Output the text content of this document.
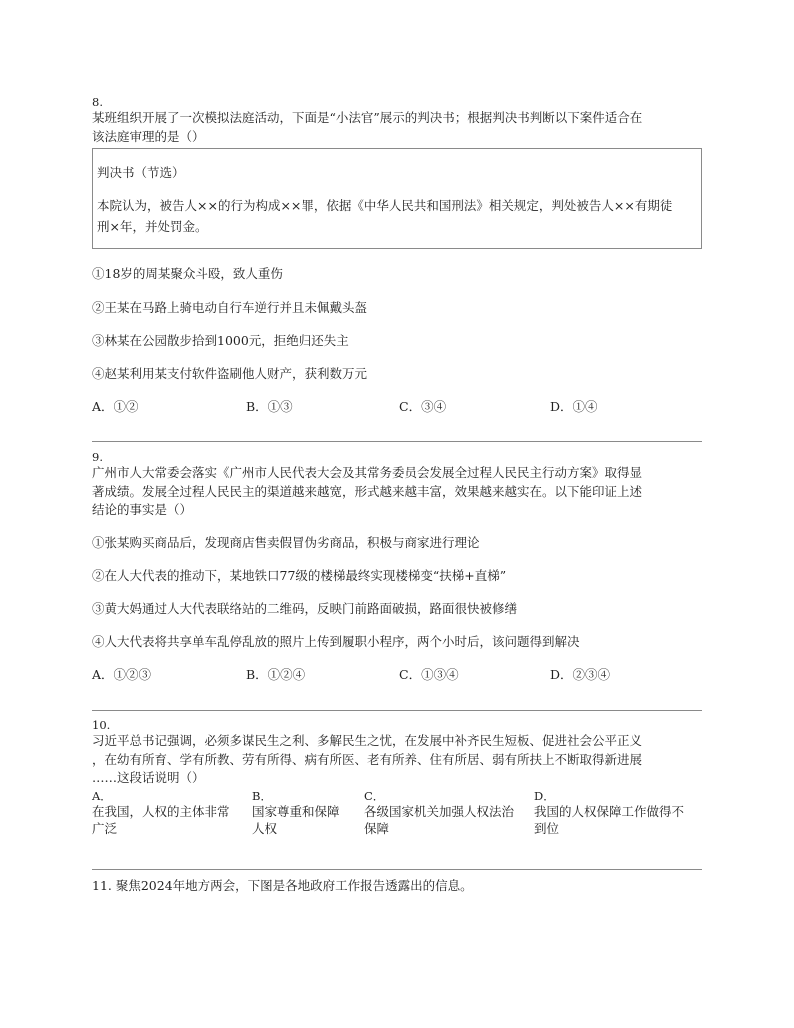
8.
某班组织开展了一次模拟法庭活动，下面是“小法官”展示的判决书；根据判决书判断以下案件适合在
该法庭审理的是（）
判决书（节选）
本院认为，被告人××的行为构成××罪，依据《中华人民共和国刑法》相关规定，判处被告人××有期徒
刑×年，并处罚金。
①18岁的周某聚众斗殴，致人重伤
②王某在马路上骑电动自行车逆行并且未佩戴头盔
③林某在公园散步拾到1000元，拒绝归还失主
④赵某利用某支付软件盗刷他人财产，获利数万元
A．①②	B．①③	C．③④	D．①④
9.
广州市人大常委会落实《广州市人民代表大会及其常务委员会发展全过程人民民主行动方案》取得显
著成绩。发展全过程人民民主的渠道越来越宽，形式越来越丰富，效果越来越实在。以下能印证上述
结论的事实是（）
①张某购买商品后，发现商店售卖假冒伪劣商品，积极与商家进行理论
②在人大代表的推动下，某地铁口77级的楼梯最终实现楼梯变“扶梯+直梯”
③黄大妈通过人大代表联络站的二维码，反映门前路面破损，路面很快被修缮
④人大代表将共享单车乱停乱放的照片上传到履职小程序，两个小时后，该问题得到解决
A．①②③	B．①②④	C．①③④	D．②③④
10.
习近平总书记强调，必须多谋民生之利、多解民生之忧，在发展中补齐民生短板、促进社会公平正义
，在幼有所育、学有所教、劳有所得、病有所医、老有所养、住有所居、弱有所扶上不断取得新进展
……这段话说明（）
A．
在我国，人权的主体非常
广泛
B．
国家尊重和保障
人权
C．
各级国家机关加强人权法治
保障
D．
我国的人权保障工作做得不
到位
11. 聚焦2024年地方两会，下图是各地政府工作报告透露出的信息。
